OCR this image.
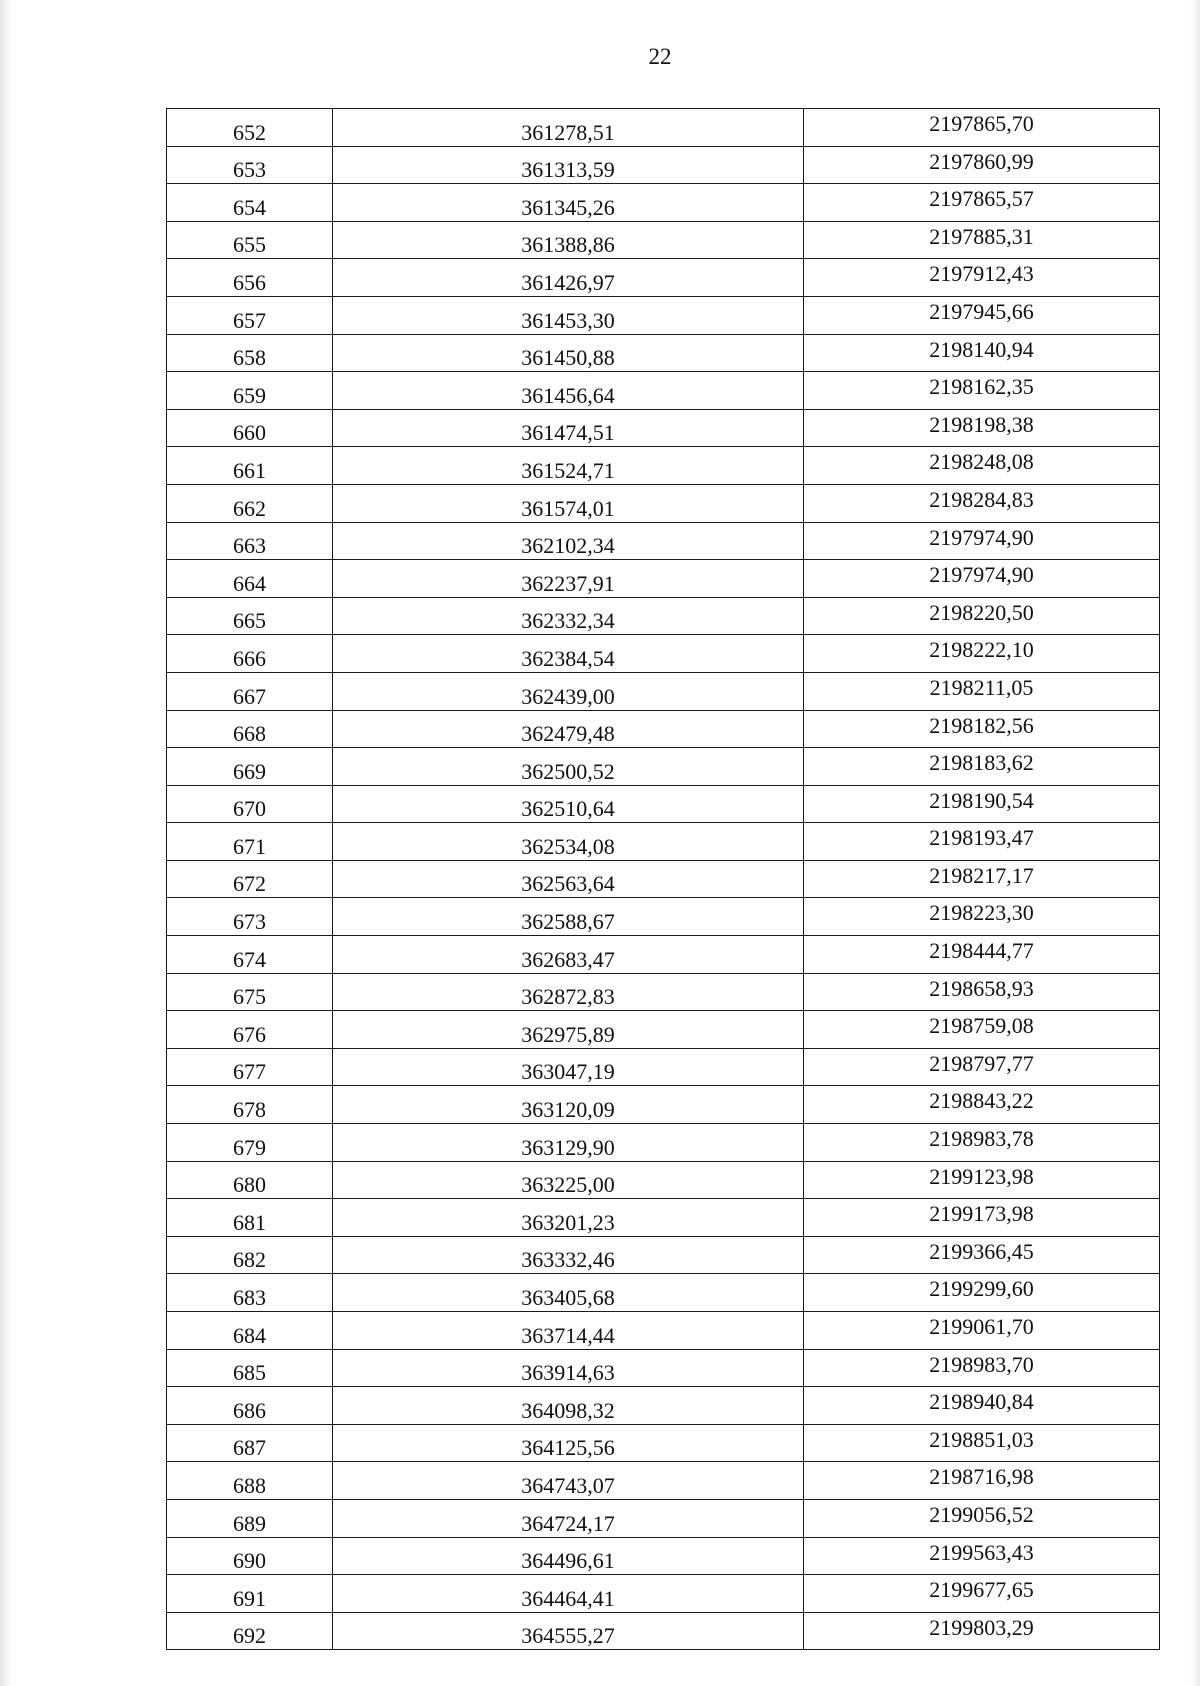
22
652	361278,51	2197865,70
653	361313,59	2197860,99
654	361345,26	2197865,57
655	361388,86	2197885,31
656	361426,97	2197912,43
657	361453,30	2197945,66
658	361450,88	2198140,94
659	361456,64	2198162,35
660	361474,51	2198198,38
661	361524,71	2198248,08
662	361574,01	2198284,83
663	362102,34	2197974,90
664	362237,91	2197974,90
665	362332,34	2198220,50
666	362384,54	2198222,10
667	362439,00	2198211,05
668	362479,48	2198182,56
669	362500,52	2198183,62
670	362510,64	2198190,54
671	362534,08	2198193,47
672	362563,64	2198217,17
673	362588,67	2198223,30
674	362683,47	2198444,77
675	362872,83	2198658,93
676	362975,89	2198759,08
677	363047,19	2198797,77
678	363120,09	2198843,22
679	363129,90	2198983,78
680	363225,00	2199123,98
681	363201,23	2199173,98
682	363332,46	2199366,45
683	363405,68	2199299,60
684	363714,44	2199061,70
685	363914,63	2198983,70
686	364098,32	2198940,84
687	364125,56	2198851,03
688	364743,07	2198716,98
689	364724,17	2199056,52
690	364496,61	2199563,43
691	364464,41	2199677,65
692	364555,27	2199803,29
